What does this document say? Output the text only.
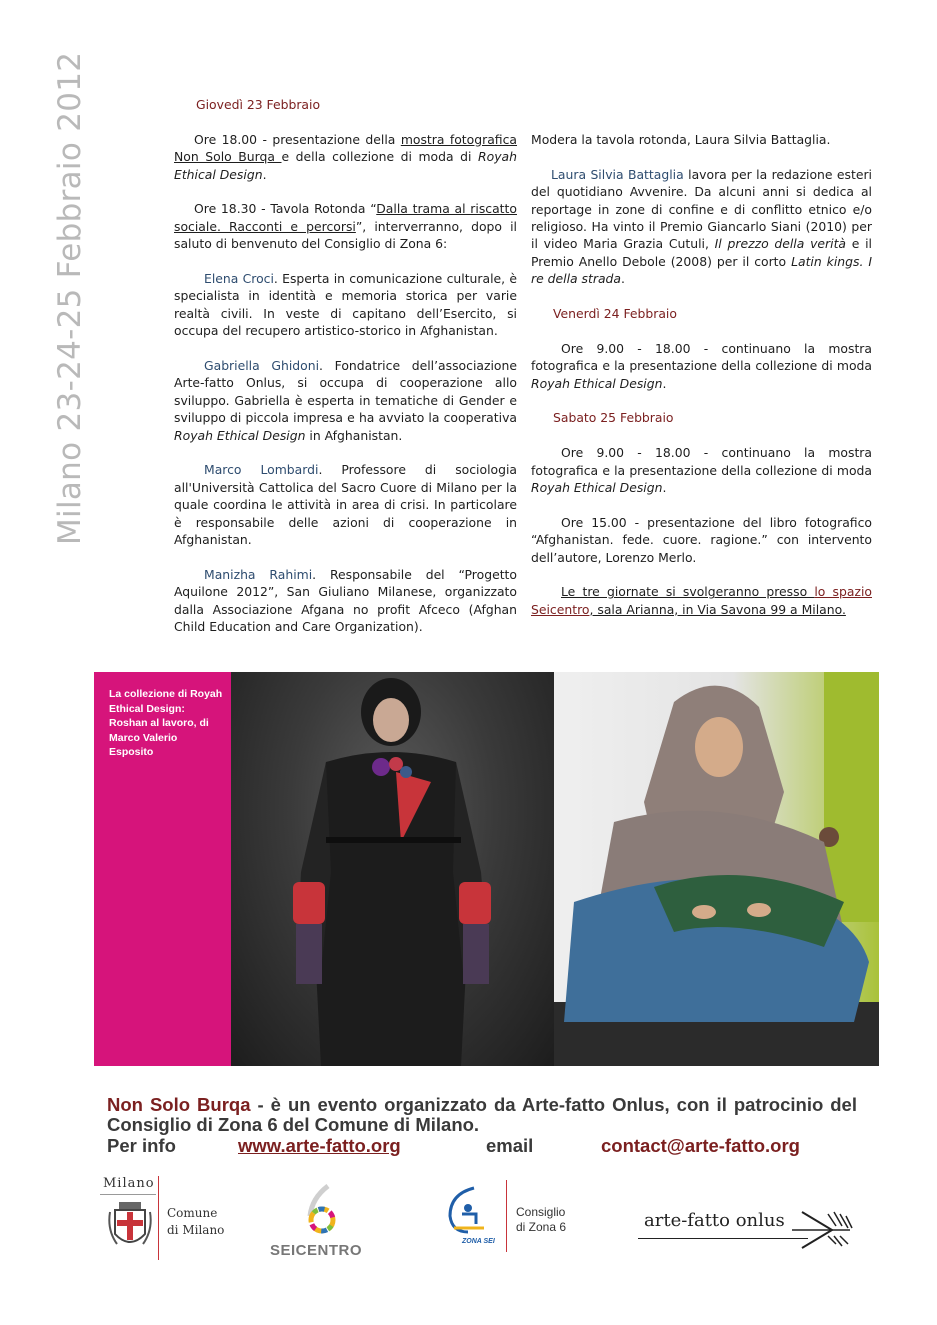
Milano 23-24-25 Febbraio 2012	Giovedì 23 Febbraio

Ore 18.00 - presentazione della mostra fotografica Non Solo Burqa e della collezione di moda di Royah Ethical Design.

Ore 18.30 - Tavola Rotonda “Dalla trama al riscatto sociale. Racconti e percorsi”, interverranno, dopo il saluto di benvenuto del Consiglio di Zona 6:

Elena Croci. Esperta in comunicazione culturale, è specialista in identità e memoria storica per varie realtà civili. In veste di capitano dell’Esercito, si occupa del recupero artistico-storico in Afghanistan.

Gabriella Ghidoni. Fondatrice dell’associazione Arte-fatto Onlus, si occupa di cooperazione allo sviluppo. Gabriella è esperta in tematiche di Gender e sviluppo di piccola impresa e ha avviato la cooperativa Royah Ethical Design in Afghanistan.

Marco Lombardi. Professore di sociologia all'Università Cattolica del Sacro Cuore di Milano per la quale coordina le attività in area di crisi. In particolare è responsabile delle azioni di cooperazione in Afghanistan.

Manizha Rahimi. Responsabile del “Progetto Aquilone 2012”, San Giuliano Milanese, organizzato dalla Associazione Afgana no profit Afceco (Afghan Child Education and Care Organization).

Modera la tavola rotonda, Laura Silvia Battaglia.

Laura Silvia Battaglia lavora per la redazione esteri del quotidiano Avvenire. Da alcuni anni si dedica al reportage in zone di confine e di conflitto etnico e/o religioso. Ha vinto il Premio Giancarlo Siani (2010) per il video Maria Grazia Cutuli, Il prezzo della verità e il Premio Anello Debole (2008) per il corto Latin kings. I re della strada.

Venerdì 24 Febbraio

Ore 9.00 - 18.00 - continuano la mostra fotografica e la presentazione della collezione di moda Royah Ethical Design.

Sabato 25 Febbraio

Ore 9.00 - 18.00 - continuano la mostra fotografica e la presentazione della collezione di moda Royah Ethical Design.

Ore 15.00 - presentazione del libro fotografico “Afghanistan. fede. cuore. ragione.” con intervento dell’autore, Lorenzo Merlo.

Le tre giornate si svolgeranno presso lo spazio Seicentro, sala Arianna, in Via Savona 99 a Milano.

La collezione di Royah Ethical Design: Roshan al lavoro, di Marco Valerio Esposito
Non Solo Burqa - è un evento organizzato da Arte-fatto Onlus, con il patrocinio del Consiglio di Zona 6 del Comune di Milano.
Per info	www.arte-fatto.org	email	contact@arte-fatto.org
Milano
Comune
di Milano
SEICENTRO
ZONA SEI
Consiglio
di Zona 6	arte-fatto onlus
